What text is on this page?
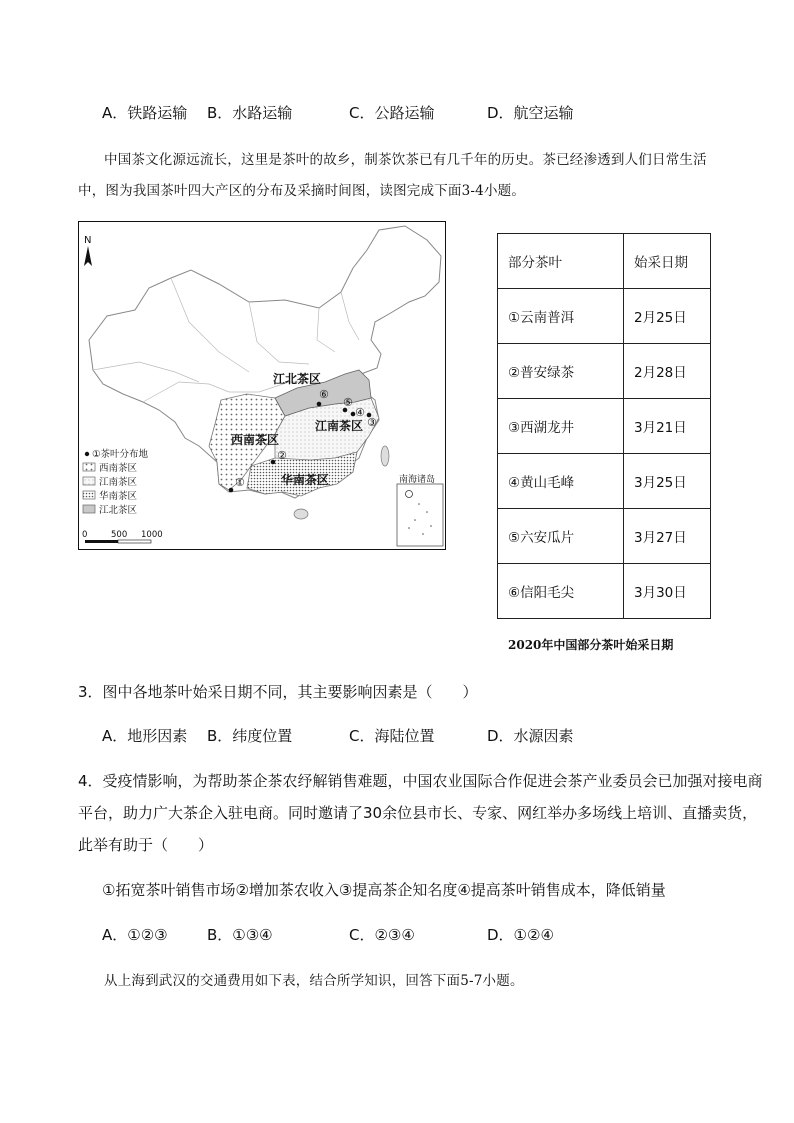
A．铁路运输 B．水路运输	C．公路运输	D．航空运输
中国茶文化源远流长，这里是茶叶的故乡，制茶饮茶已有几千年的历史。茶已经渗透到人们日常生活
中，图为我国茶叶四大产区的分布及采摘时间图，读图完成下面3-4小题。
N
江北茶区
江南茶区
西南茶区
华南茶区
①
②
③
④
⑤
⑥
南海诸岛
①茶叶分布地
西南茶区
江南茶区
华南茶区
江北茶区
0	500 1000
部分茶叶	始采日期
①云南普洱	2月25日
②普安绿茶	2月28日
③西湖龙井	3月21日
④黄山毛峰	3月25日
⑤六安瓜片	3月27日
⑥信阳毛尖	3月30日
2020年中国部分茶叶始采日期
3．图中各地茶叶始采日期不同，其主要影响因素是（　　）
A．地形因素 B．纬度位置	C．海陆位置	D．水源因素
4．受疫情影响，为帮助茶企茶农纾解销售难题，中国农业国际合作促进会茶产业委员会已加强对接电商
平台，助力广大茶企入驻电商。同时邀请了30余位县市长、专家、网红举办多场线上培训、直播卖货，
此举有助于（　　）
①拓宽茶叶销售市场②增加茶农收入③提高茶企知名度④提高茶叶销售成本，降低销量
A．①②③	B．①③④	C．②③④	D．①②④
从上海到武汉的交通费用如下表，结合所学知识，回答下面5-7小题。
